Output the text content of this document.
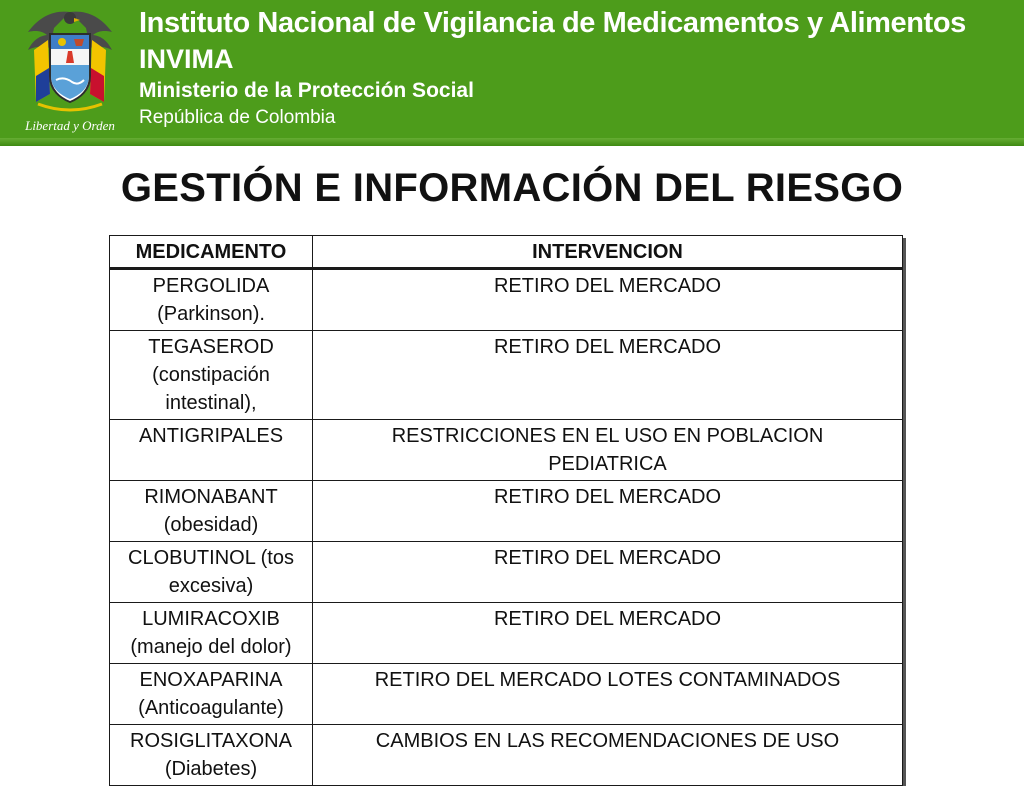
Libertad y Orden
Instituto Nacional de Vigilancia de Medicamentos y Alimentos
INVIMA
Ministerio de la Protección Social
República de Colombia
GESTIÓN E INFORMACIÓN DEL RIESGO
MEDICAMENTO	INTERVENCION
PERGOLIDA (Parkinson).	RETIRO DEL MERCADO
TEGASEROD (constipación intestinal),	RETIRO DEL MERCADO
ANTIGRIPALES	RESTRICCIONES EN EL USO EN POBLACION PEDIATRICA
RIMONABANT (obesidad)	RETIRO DEL MERCADO
CLOBUTINOL (tos excesiva)	RETIRO DEL MERCADO
LUMIRACOXIB (manejo del dolor)	RETIRO DEL MERCADO
ENOXAPARINA (Anticoagulante)	RETIRO DEL MERCADO LOTES CONTAMINADOS
ROSIGLITAXONA (Diabetes)	CAMBIOS EN LAS RECOMENDACIONES DE USO
